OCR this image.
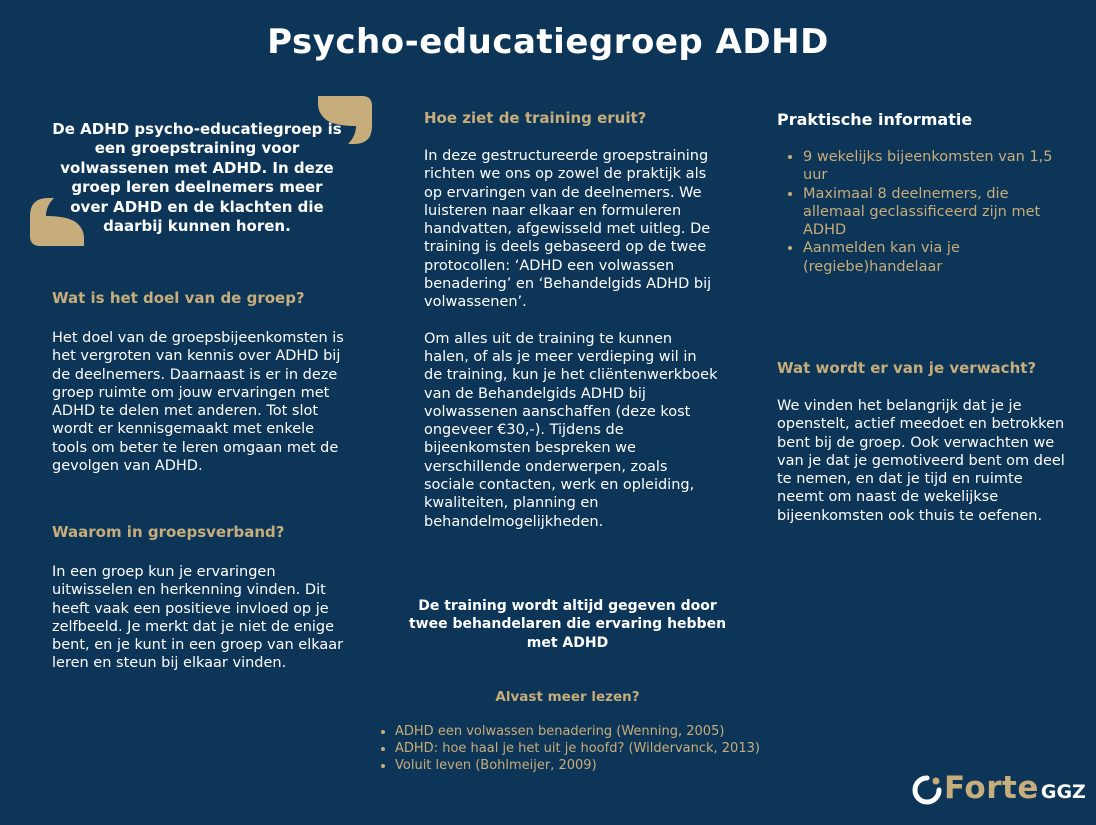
Psycho-educatiegroep ADHD
De ADHD psycho-educatiegroep is een groepstraining voor volwassenen met ADHD. In deze groep leren deelnemers meer over ADHD en de klachten die daarbij kunnen horen.
Wat is het doel van de groep?

Het doel van de groepsbijeenkomsten is het vergroten van kennis over ADHD bij de deelnemers. Daarnaast is er in deze groep ruimte om jouw ervaringen met ADHD te delen met anderen. Tot slot wordt er kennisgemaakt met enkele tools om beter te leren omgaan met de gevolgen van ADHD.

Waarom in groepsverband?

In een groep kun je ervaringen uitwisselen en herkenning vinden. Dit heeft vaak een positieve invloed op je zelfbeeld. Je merkt dat je niet de enige bent, en je kunt in een groep van elkaar leren en steun bij elkaar vinden.

Hoe ziet de training eruit?

In deze gestructureerde groepstraining richten we ons op zowel de praktijk als op ervaringen van de deelnemers. We luisteren naar elkaar en formuleren handvatten, afgewisseld met uitleg. De training is deels gebaseerd op de twee protocollen: ‘ADHD een volwassen benadering’ en ‘Behandelgids ADHD bij volwassenen’.

Om alles uit de training te kunnen halen, of als je meer verdieping wil in de training, kun je het cliëntenwerkboek van de Behandelgids ADHD bij volwassenen aanschaffen (deze kost ongeveer €30,-). Tijdens de bijeenkomsten bespreken we verschillende onderwerpen, zoals sociale contacten, werk en opleiding, kwaliteiten, planning en behandelmogelijkheden.

De training wordt altijd gegeven door twee behandelaren die ervaring hebben met ADHD
Alvast meer lezen?
• ADHD een volwassen benadering (Wenning, 2005)
• ADHD: hoe haal je het uit je hoofd? (Wildervanck, 2013)
• Voluit leven (Bohlmeijer, 2009)
Praktische informatie
• 9 wekelijks bijeenkomsten van 1,5 uur
• Maximaal 8 deelnemers, die allemaal geclassificeerd zijn met ADHD
• Aanmelden kan via je (regiebe)handelaar
Wat wordt er van je verwacht?

We vinden het belangrijk dat je je openstelt, actief meedoet en betrokken bent bij de groep. Ook verwachten we van je dat je gemotiveerd bent om deel te nemen, en dat je tijd en ruimte neemt om naast de wekelijkse bijeenkomsten ook thuis te oefenen.

Forte GGZ
